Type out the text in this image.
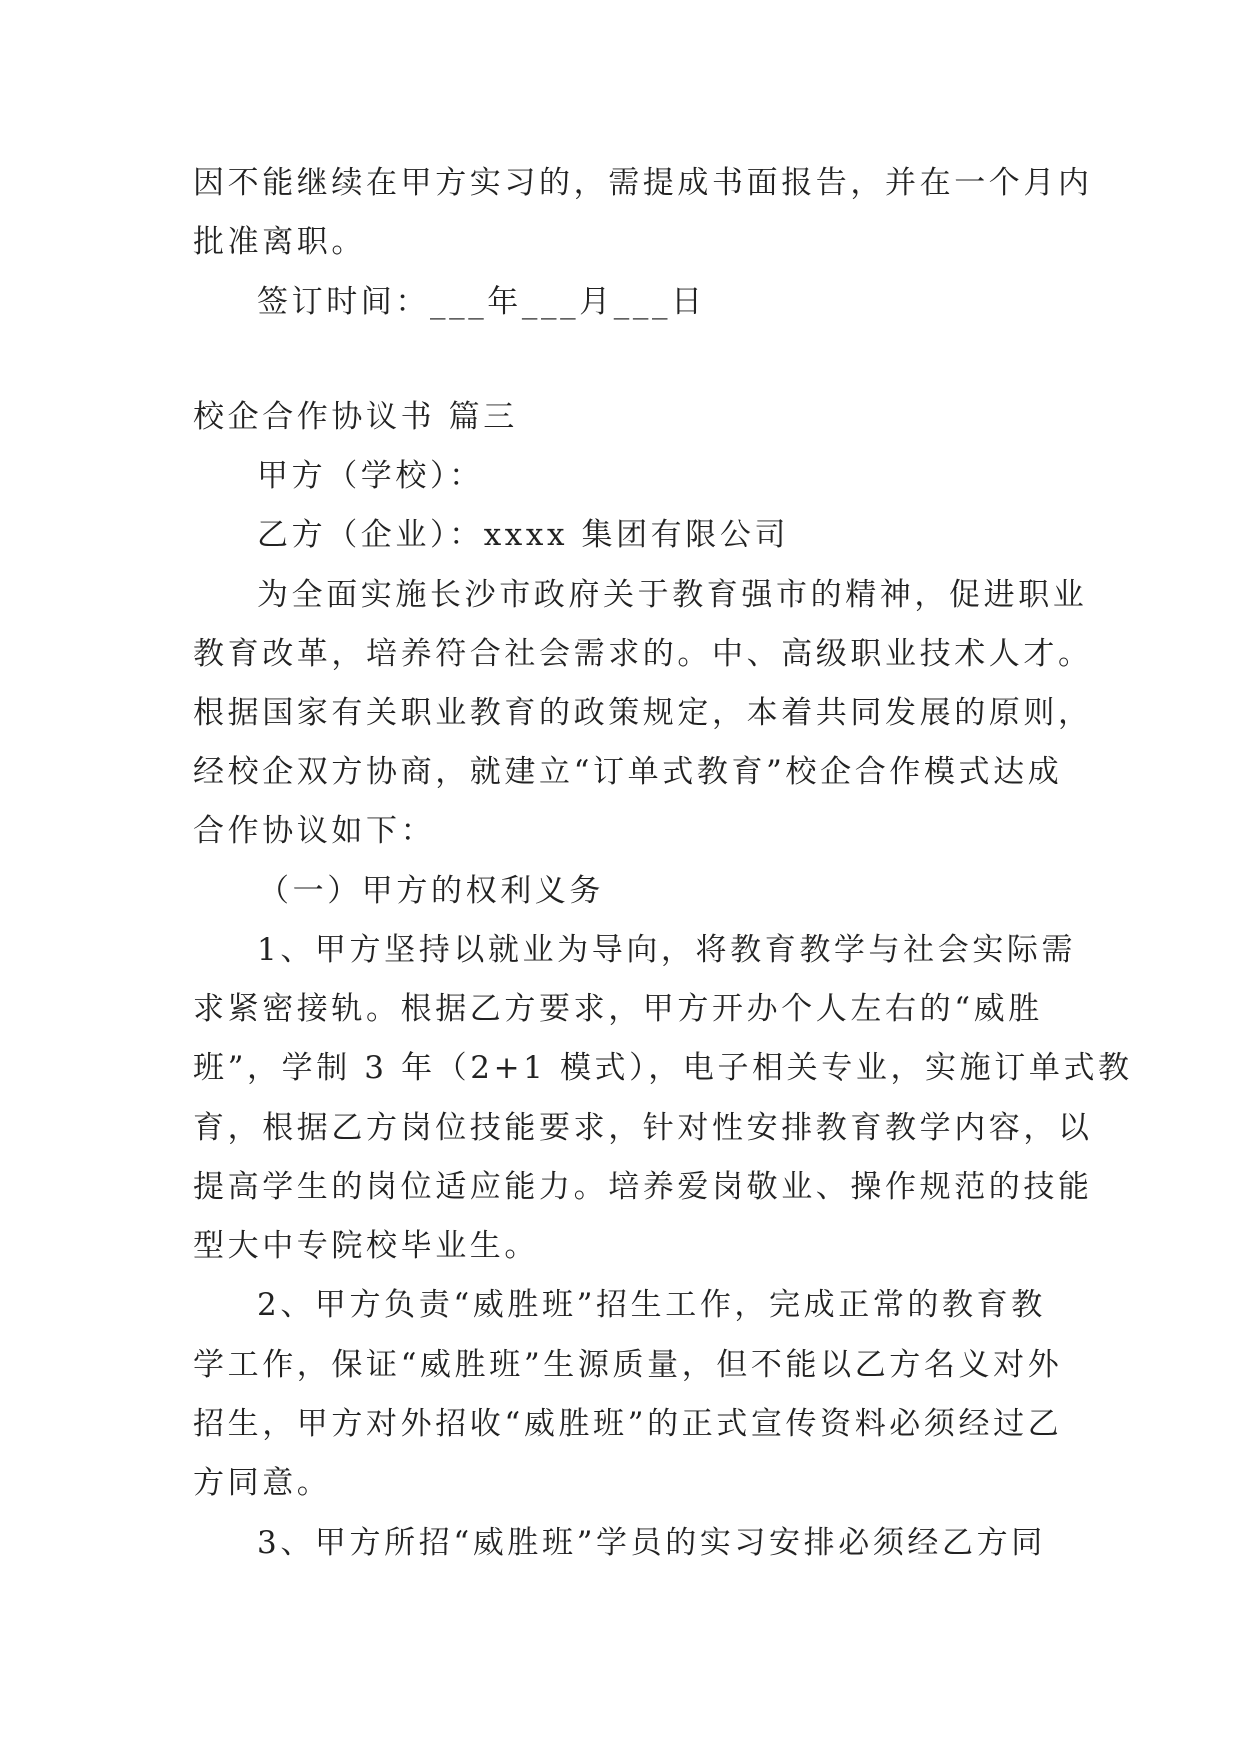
因不能继续在甲方实习的，需提成书面报告，并在一个月内
批准离职。
签订时间：___年___月___日
校企合作协议书 篇三
甲方（学校）：
乙方（企业）：xxxx 集团有限公司
为全面实施长沙市政府关于教育强市的精神，促进职业
教育改革，培养符合社会需求的。中、高级职业技术人才。
根据国家有关职业教育的政策规定，本着共同发展的原则，
经校企双方协商，就建立“订单式教育”校企合作模式达成
合作协议如下：
（一）甲方的权利义务
1、甲方坚持以就业为导向，将教育教学与社会实际需
求紧密接轨。根据乙方要求，甲方开办个人左右的“威胜
班”，学制 3 年（2+1 模式），电子相关专业，实施订单式教
育，根据乙方岗位技能要求，针对性安排教育教学内容，以
提高学生的岗位适应能力。培养爱岗敬业、操作规范的技能
型大中专院校毕业生。
2、甲方负责“威胜班”招生工作，完成正常的教育教
学工作，保证“威胜班”生源质量，但不能以乙方名义对外
招生，甲方对外招收“威胜班”的正式宣传资料必须经过乙
方同意。
3、甲方所招“威胜班”学员的实习安排必须经乙方同
